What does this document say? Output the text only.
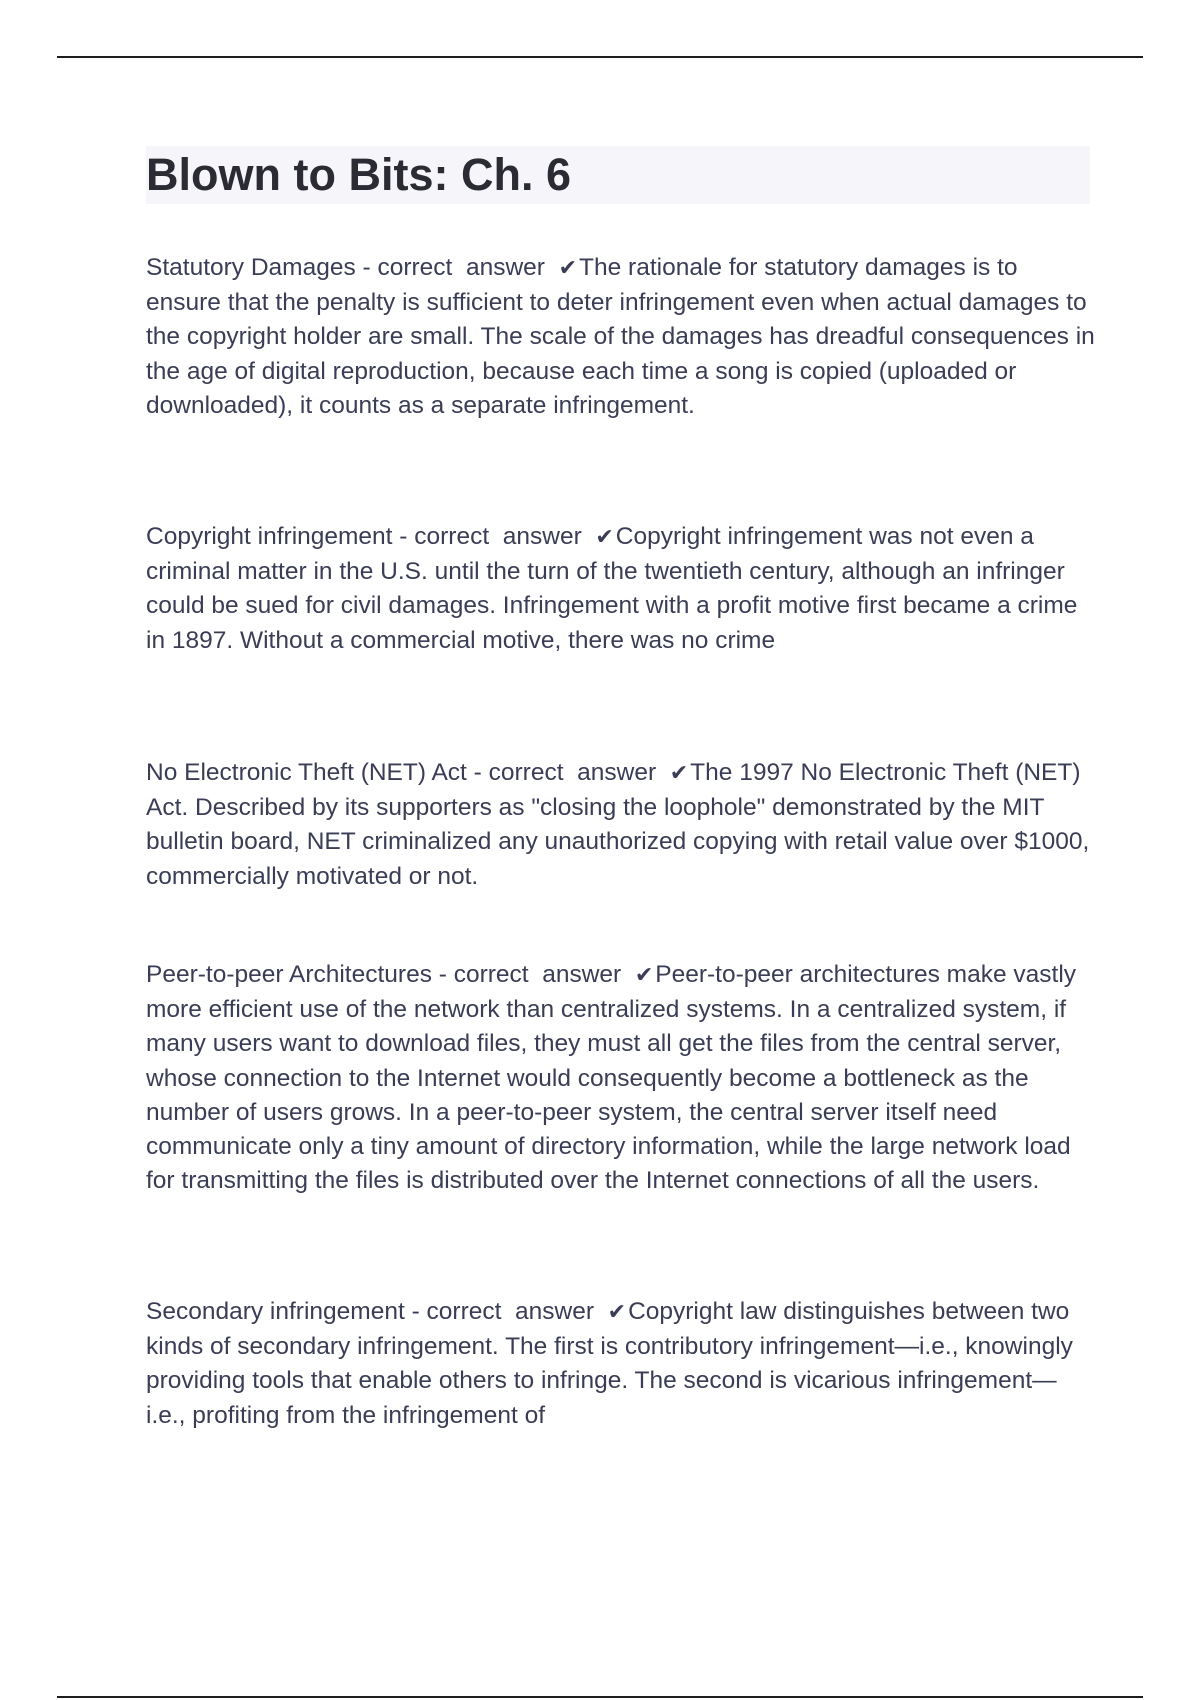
Blown to Bits: Ch. 6

Statutory Damages - correct  answer  ✔The rationale for statutory damages is to ensure that the penalty is sufficient to deter infringement even when actual damages to the copyright holder are small. The scale of the damages has dreadful consequences in the age of digital reproduction, because each time a song is copied (uploaded or downloaded), it counts as a separate infringement.

Copyright infringement - correct  answer  ✔Copyright infringement was not even a criminal matter in the U.S. until the turn of the twentieth century, although an infringer could be sued for civil damages. Infringement with a profit motive first became a crime in 1897. Without a commercial motive, there was no crime

No Electronic Theft (NET) Act - correct  answer  ✔The 1997 No Electronic Theft (NET) Act. Described by its supporters as "closing the loophole" demonstrated by the MIT bulletin board, NET criminalized any unauthorized copying with retail value over $1000, commercially motivated or not.

Peer-to-peer Architectures - correct  answer  ✔Peer-to-peer architectures make vastly more efficient use of the network than centralized systems. In a centralized system, if many users want to download files, they must all get the files from the central server, whose connection to the Internet would consequently become a bottleneck as the number of users grows. In a peer-to-peer system, the central server itself need communicate only a tiny amount of directory information, while the large network load for transmitting the files is distributed over the Internet connections of all the users.

Secondary infringement - correct  answer  ✔Copyright law distinguishes between two kinds of secondary infringement. The first is contributory infringement—i.e., knowingly providing tools that enable others to infringe. The second is vicarious infringement—i.e., profiting from the infringement of
